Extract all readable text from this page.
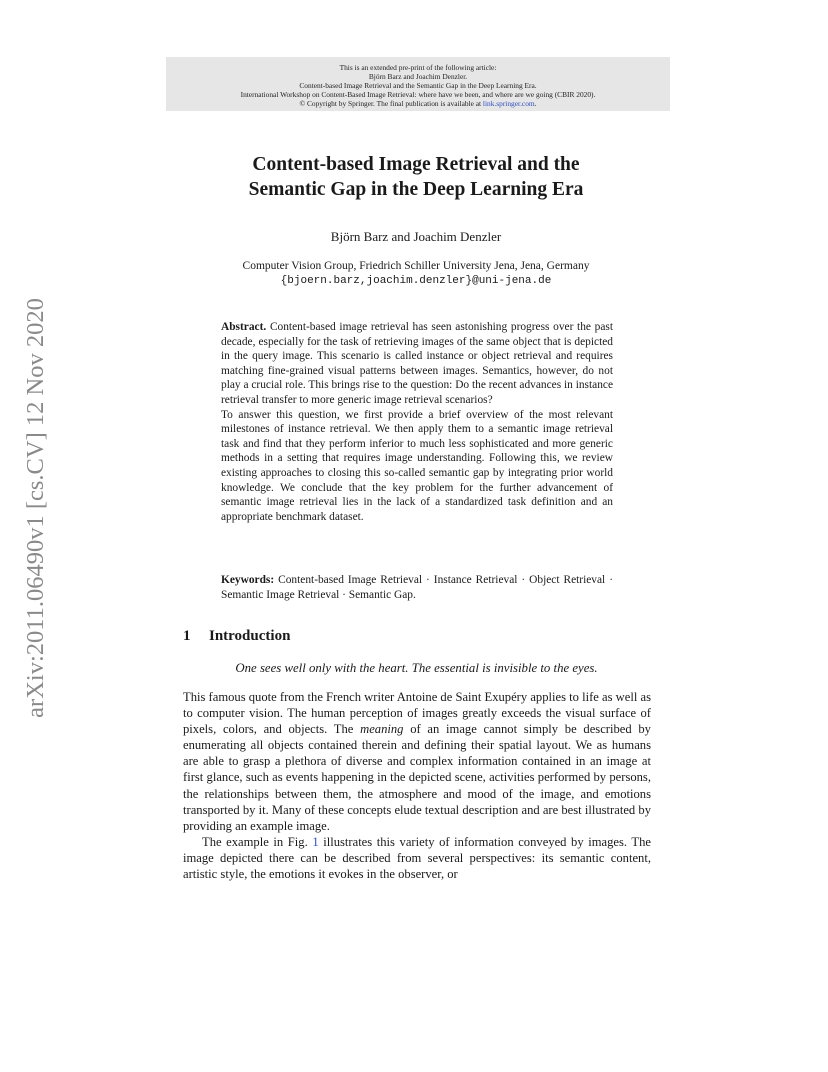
This is an extended pre-print of the following article:
Björn Barz and Joachim Denzler.
Content-based Image Retrieval and the Semantic Gap in the Deep Learning Era.
International Workshop on Content-Based Image Retrieval: where have we been, and where are we going (CBIR 2020).
© Copyright by Springer. The final publication is available at link.springer.com.
Content-based Image Retrieval and the
Semantic Gap in the Deep Learning Era
Björn Barz and Joachim Denzler
Computer Vision Group, Friedrich Schiller University Jena, Jena, Germany
{bjoern.barz,joachim.denzler}@uni-jena.de

Abstract. Content-based image retrieval has seen astonishing progress over the past decade, especially for the task of retrieving images of the same object that is depicted in the query image. This scenario is called instance or object retrieval and requires matching fine-grained visual patterns between images. Semantics, however, do not play a crucial role. This brings rise to the question: Do the recent advances in instance retrieval transfer to more generic image retrieval scenarios?

To answer this question, we first provide a brief overview of the most relevant milestones of instance retrieval. We then apply them to a semantic image retrieval task and find that they perform inferior to much less sophisticated and more generic methods in a setting that requires image understanding. Following this, we review existing approaches to closing this so-called semantic gap by integrating prior world knowledge. We conclude that the key problem for the further advancement of semantic image retrieval lies in the lack of a standardized task definition and an appropriate benchmark dataset.

Keywords: Content-based Image Retrieval · Instance Retrieval · Object Retrieval · Semantic Image Retrieval · Semantic Gap.
1 Introduction
One sees well only with the heart. The essential is invisible to the eyes.

This famous quote from the French writer Antoine de Saint Exupéry applies to life as well as to computer vision. The human perception of images greatly exceeds the visual surface of pixels, colors, and objects. The meaning of an image cannot simply be described by enumerating all objects contained therein and defining their spatial layout. We as humans are able to grasp a plethora of diverse and complex information contained in an image at first glance, such as events happening in the depicted scene, activities performed by persons, the relationships between them, the atmosphere and mood of the image, and emotions transported by it. Many of these concepts elude textual description and are best illustrated by providing an example image.

The example in Fig. 1 illustrates this variety of information conveyed by images. The image depicted there can be described from several perspectives: its semantic content, artistic style, the emotions it evokes in the observer, or

arXiv:2011.06490v1 [cs.CV] 12 Nov 2020
